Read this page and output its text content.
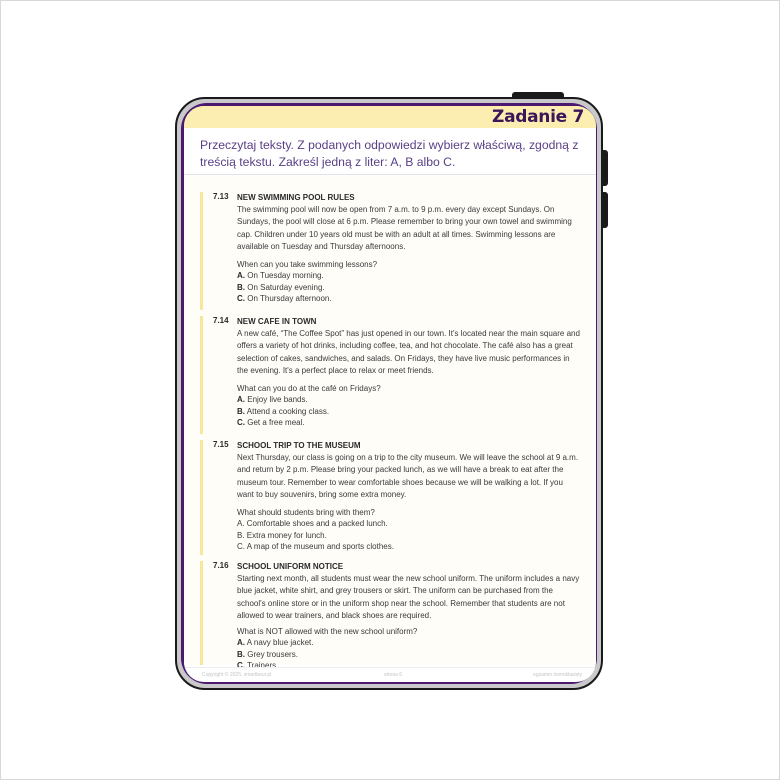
Zadanie 7
Przeczytaj teksty. Z podanych odpowiedzi wybierz właściwą, zgodną z treścią tekstu. Zakreśl jedną z liter: A, B albo C.
7.13 NEW SWIMMING POOL RULES
The swimming pool will now be open from 7 a.m. to 9 p.m. every day except Sundays. On Sundays, the pool will close at 6 p.m. Please remember to bring your own towel and swimming cap. Children under 10 years old must be with an adult at all times. Swimming lessons are available on Tuesday and Thursday afternoons.
When can you take swimming lessons?
A. On Tuesday morning.
B. On Saturday evening.
C. On Thursday afternoon.
7.14 NEW CAFE IN TOWN
A new café, “The Coffee Spot” has just opened in our town. It's located near the main square and offers a variety of hot drinks, including coffee, tea, and hot chocolate. The café also has a great selection of cakes, sandwiches, and salads. On Fridays, they have live music performances in the evening. It's a perfect place to relax or meet friends.
What can you do at the café on Fridays?
A. Enjoy live bands.
B. Attend a cooking class.
C. Get a free meal.
7.15 SCHOOL TRIP TO THE MUSEUM
Next Thursday, our class is going on a trip to the city museum. We will leave the school at 9 a.m. and return by 2 p.m. Please bring your packed lunch, as we will have a break to eat after the museum tour. Remember to wear comfortable shoes because we will be walking a lot. If you want to buy souvenirs, bring some extra money.
What should students bring with them?
A. Comfortable shoes and a packed lunch.
B. Extra money for lunch.
C. A map of the museum and sports clothes.
7.16 SCHOOL UNIFORM NOTICE
Starting next month, all students must wear the new school uniform. The uniform includes a navy blue jacket, white shirt, and grey trousers or skirt. The uniform can be purchased from the school's online store or in the uniform shop near the school. Remember that students are not allowed to wear trainers, and black shoes are required.
What is NOT allowed with the new school uniform?
A. A navy blue jacket.
B. Grey trousers.
C. Trainers.
Copyright © 2025, smartbeur.pl	strona 6	egzamin ósmoklasisty
